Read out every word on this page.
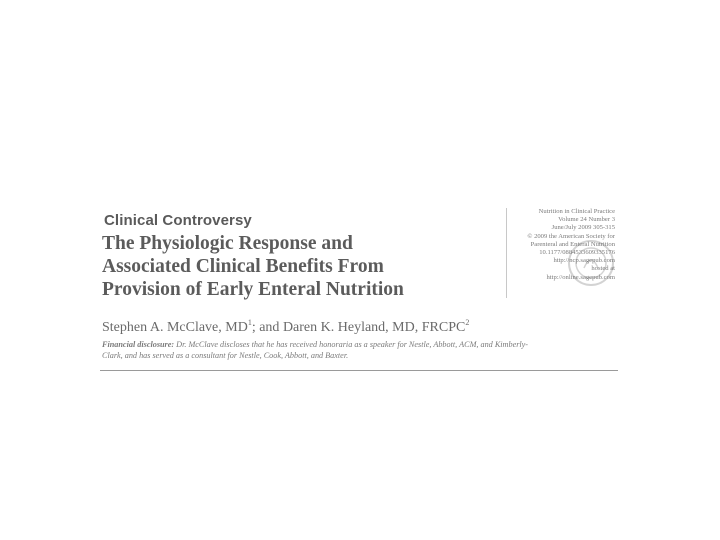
Clinical Controversy
The Physiologic Response and
Associated Clinical Benefits From
Provision of Early Enteral Nutrition
Stephen A. McClave, $MD^1$; and Daren K. Heyland, MD, FRCPC$^2$
Financial disclosure: Dr. McClave discloses that he has received honoraria as a speaker for Nestle, Abbott, ACM, and Kimberly-Clark, and has served as a consultant for Nestle, Cook, Abbott, and Baxter.
Nutrition in Clinical Practice
Volume 24 Number 3
June/July 2009 305-315
© 2009 the American Society for
Parenteral and Enteral Nutrition
10.1177/0884533609335176
http://ncp.sagepub.com
hosted at
http://online.sagepub.com
